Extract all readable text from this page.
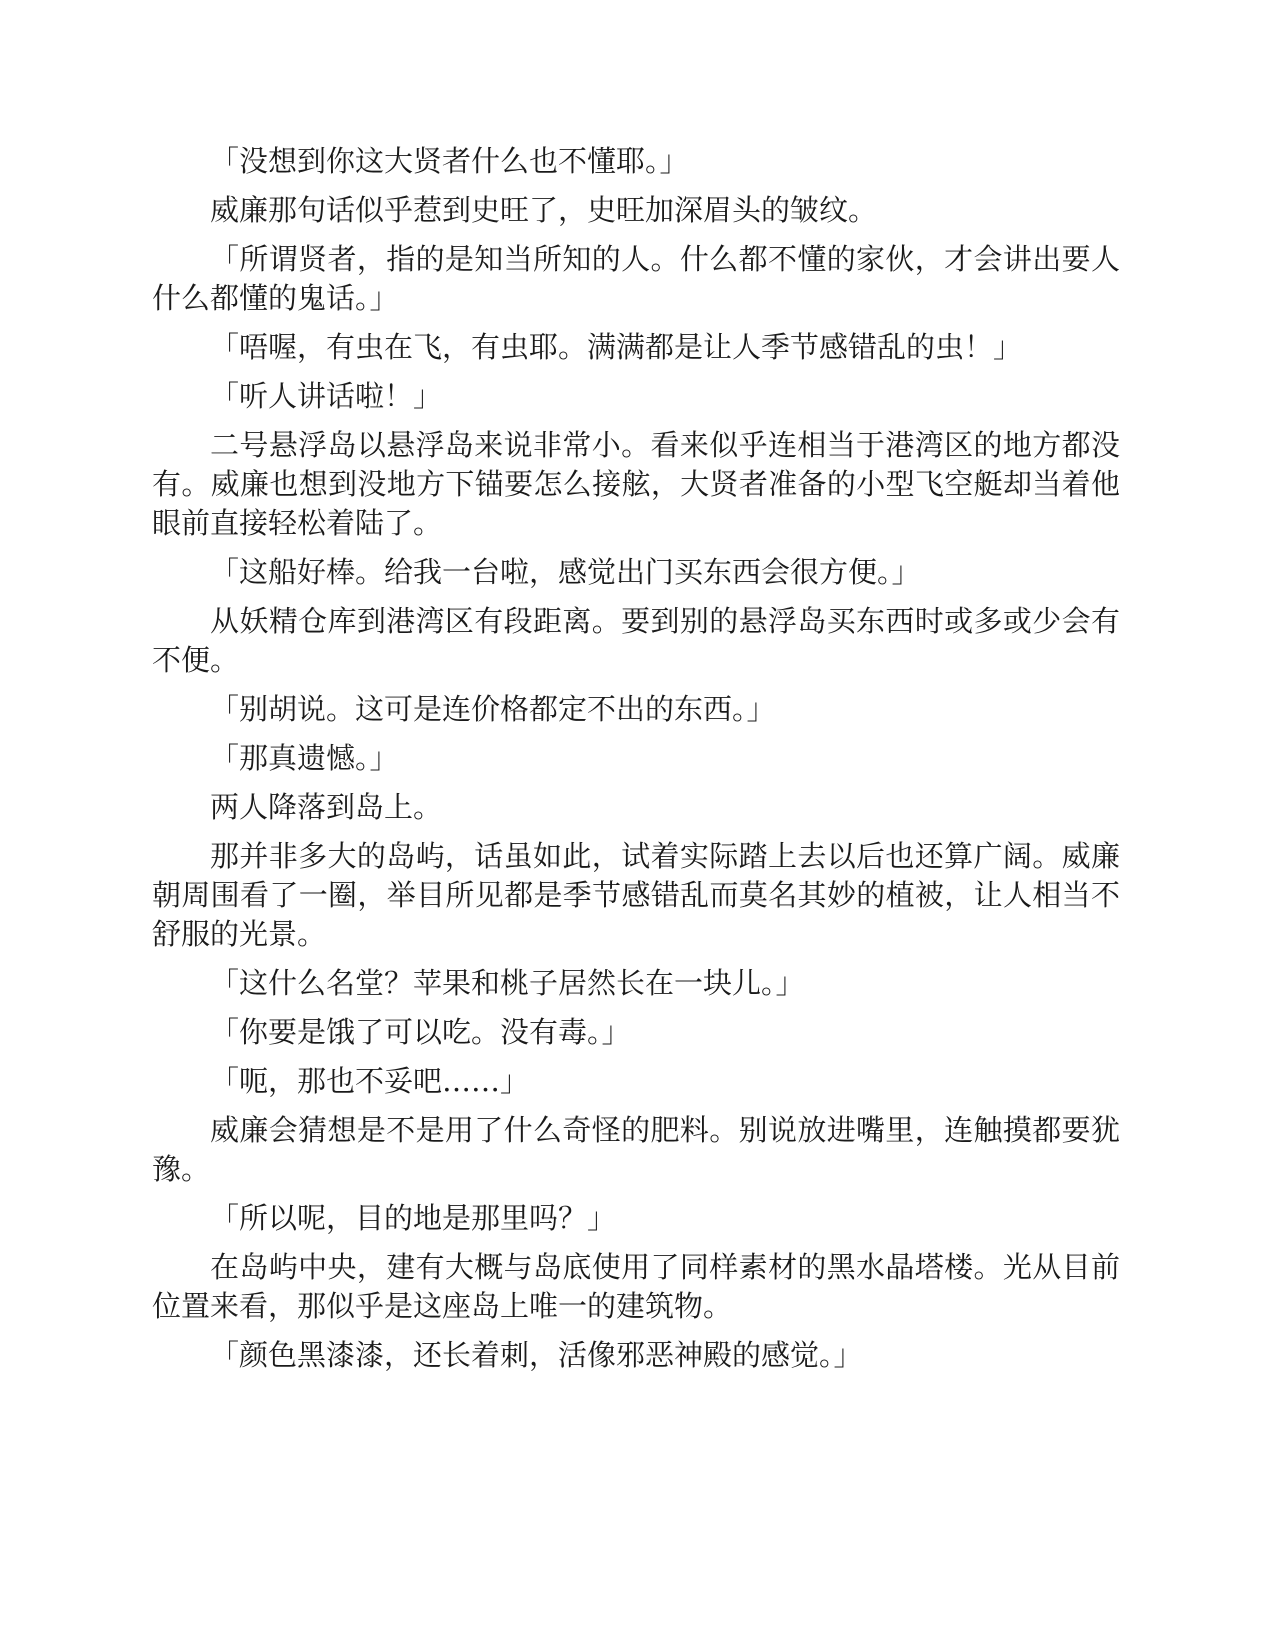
「没想到你这大贤者什么也不懂耶。」

威廉那句话似乎惹到史旺了，史旺加深眉头的皱纹。

「所谓贤者，指的是知当所知的人。什么都不懂的家伙，才会讲出要人什么都懂的鬼话。」

「唔喔，有虫在飞，有虫耶。满满都是让人季节感错乱的虫！」

「听人讲话啦！」

二号悬浮岛以悬浮岛来说非常小。看来似乎连相当于港湾区的地方都没有。威廉也想到没地方下锚要怎么接舷，大贤者准备的小型飞空艇却当着他眼前直接轻松着陆了。

「这船好棒。给我一台啦，感觉出门买东西会很方便。」

从妖精仓库到港湾区有段距离。要到别的悬浮岛买东西时或多或少会有不便。

「别胡说。这可是连价格都定不出的东西。」

「那真遗憾。」

两人降落到岛上。

那并非多大的岛屿，话虽如此，试着实际踏上去以后也还算广阔。威廉朝周围看了一圈，举目所见都是季节感错乱而莫名其妙的植被，让人相当不舒服的光景。

「这什么名堂？苹果和桃子居然长在一块儿。」

「你要是饿了可以吃。没有毒。」

「呃，那也不妥吧……」

威廉会猜想是不是用了什么奇怪的肥料。别说放进嘴里，连触摸都要犹豫。

「所以呢，目的地是那里吗？」

在岛屿中央，建有大概与岛底使用了同样素材的黑水晶塔楼。光从目前位置来看，那似乎是这座岛上唯一的建筑物。

「颜色黑漆漆，还长着刺，活像邪恶神殿的感觉。」
